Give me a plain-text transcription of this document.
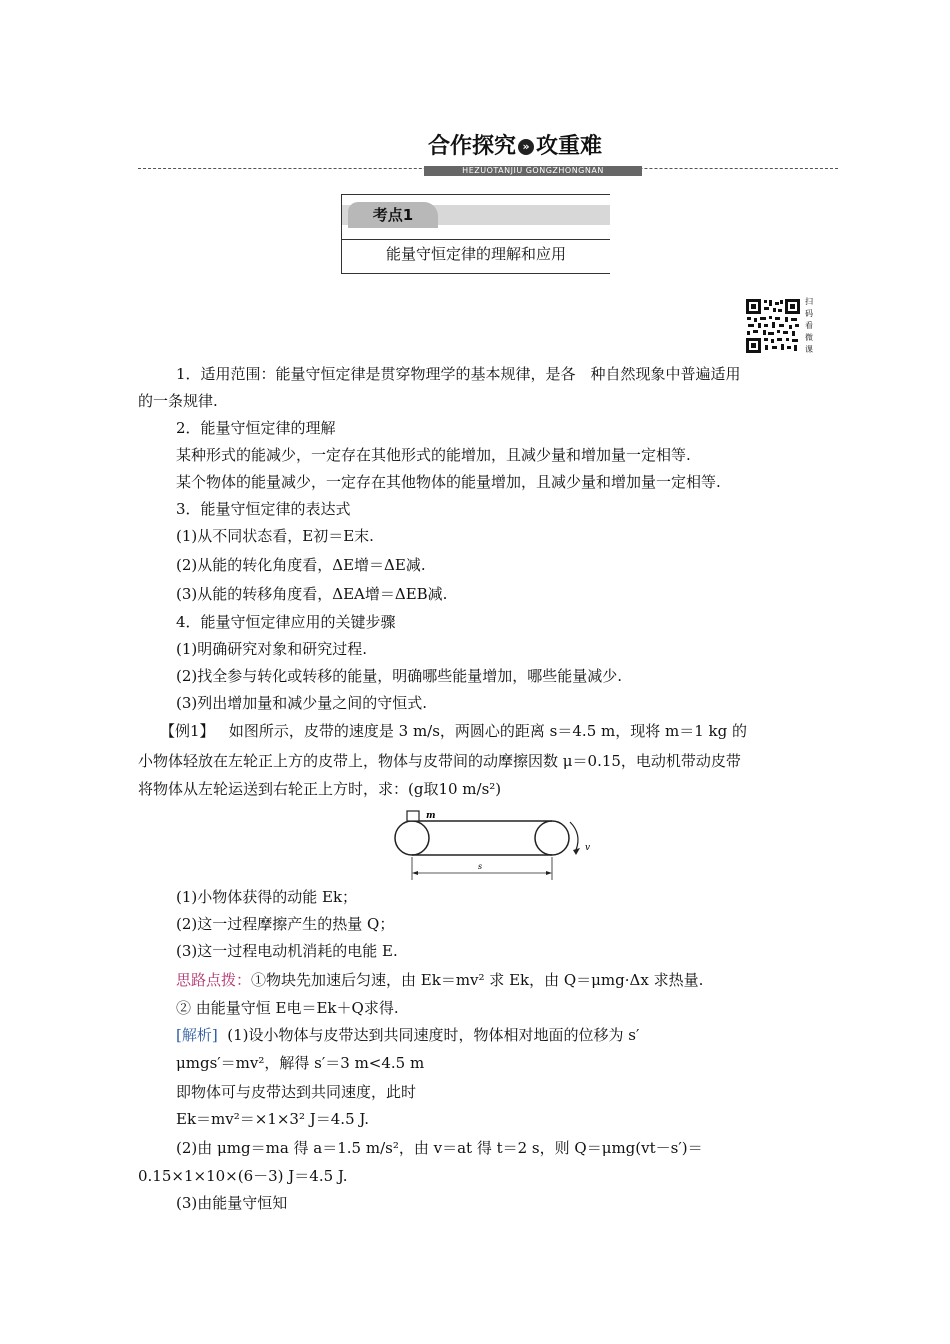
合作探究 » 攻重难
HEZUOTANJIU GONGZHONGNAN
考点1
能量守恒定律的理解和应用
扫码看微课
1．适用范围：能量守恒定律是贯穿物理学的基本规律，是各　种自然现象中普遍适用
的一条规律.
2．能量守恒定律的理解
某种形式的能减少，一定存在其他形式的能增加，且减少量和增加量一定相等.
某个物体的能量减少，一定存在其他物体的能量增加，且减少量和增加量一定相等.
3．能量守恒定律的表达式
(1)从不同状态看，E初＝E末.
(2)从能的转化角度看，ΔE增＝ΔE减.
(3)从能的转移角度看，ΔEA增＝ΔEB减.
4．能量守恒定律应用的关键步骤
(1)明确研究对象和研究过程.
(2)找全参与转化或转移的能量，明确哪些能量增加，哪些能量减少.
(3)列出增加量和减少量之间的守恒式.
【例1】 如图所示，皮带的速度是 3 m/s，两圆心的距离 s＝4.5 m，现将 m＝1 kg 的
小物体轻放在左轮正上方的皮带上，物体与皮带间的动摩擦因数 μ＝0.15，电动机带动皮带
将物体从左轮运送到右轮正上方时，求：(g取10 m/s²)
m
v
s
(1)小物体获得的动能 Ek；
(2)这一过程摩擦产生的热量 Q；
(3)这一过程电动机消耗的电能 E.
思路点拨：①物块先加速后匀速，由 Ek＝mv² 求 Ek，由 Q＝μmg·Δx 求热量.
② 由能量守恒 E电＝Ek＋Q求得.
[解析] (1)设小物体与皮带达到共同速度时，物体相对地面的位移为 s′
μmgs′＝mv²，解得 s′＝3 m<4.5 m
即物体可与皮带达到共同速度，此时
Ek＝mv²＝×1×3² J＝4.5 J.
(2)由 μmg＝ma 得 a＝1.5 m/s²，由 v＝at 得 t＝2 s，则 Q＝μmg(vt－s′)＝
0.15×1×10×(6－3) J＝4.5 J.
(3)由能量守恒知
